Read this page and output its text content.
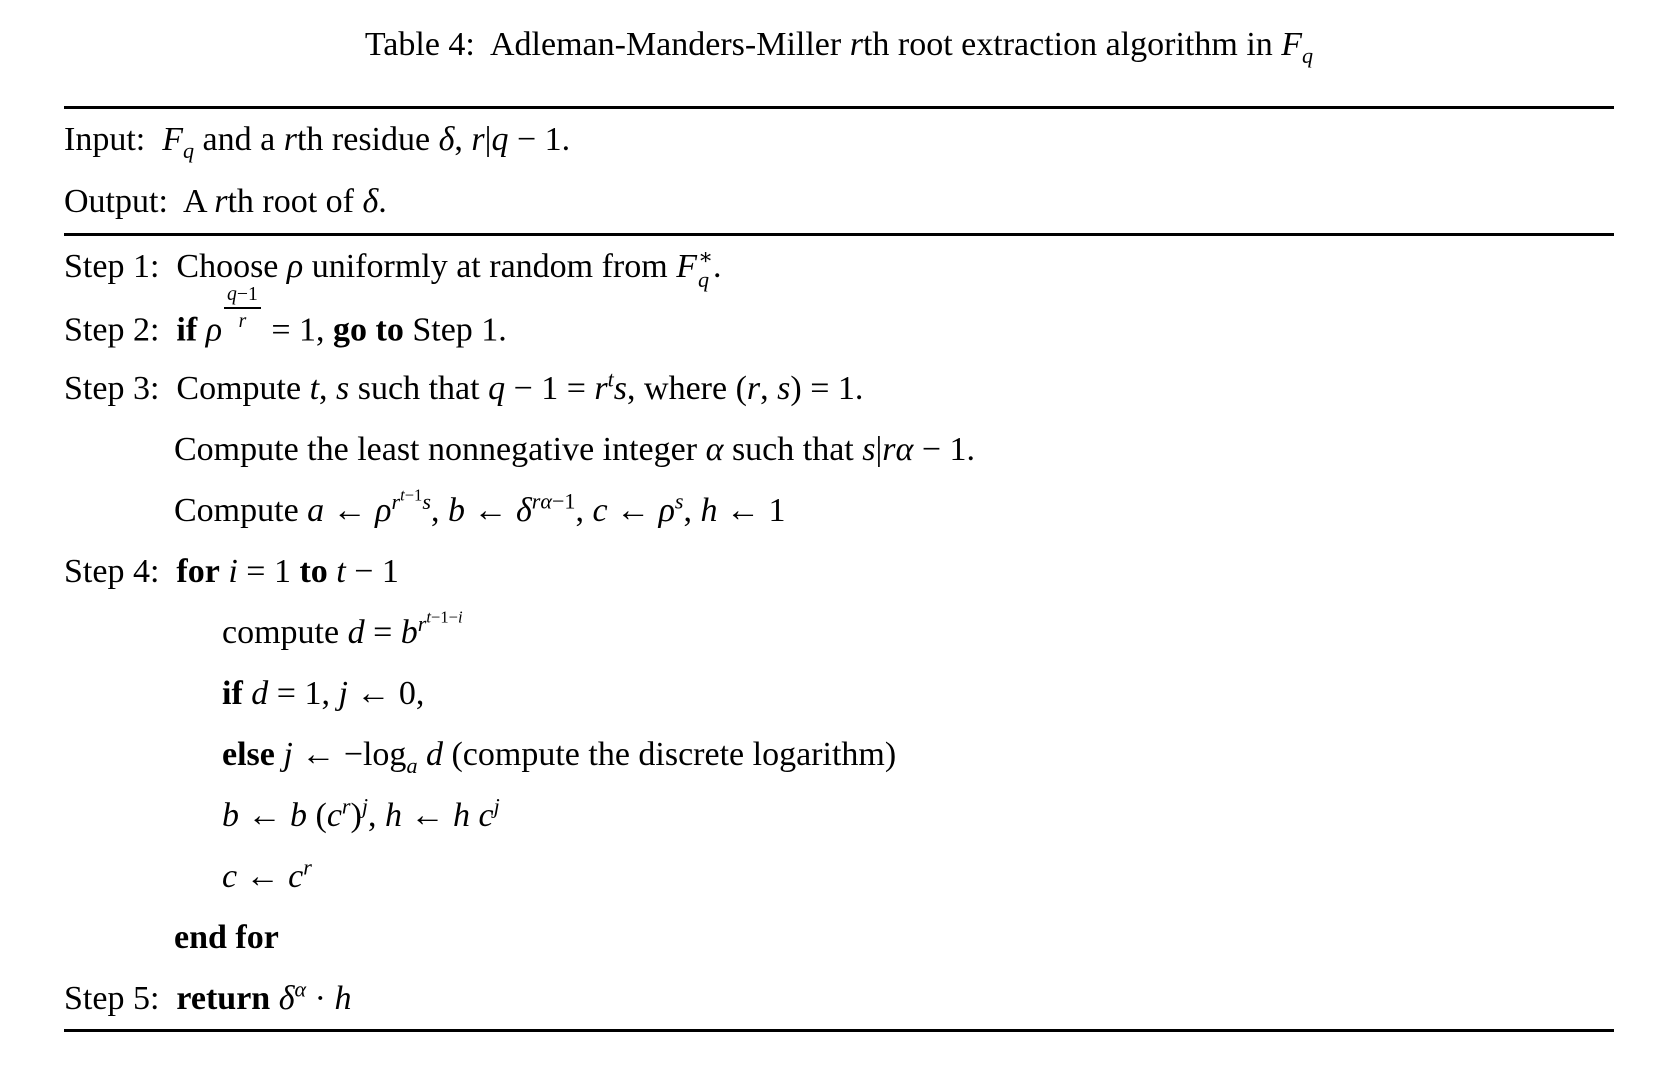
Table 4:  Adleman-Manders-Miller rth root extraction algorithm in $F_q$
Input:  $F_q$ and a rth residue δ, r|q − 1.
Output:  A rth root of δ.
Step 1:  Choose ρ uniformly at random from F ∗
q .
Step 2:  if ρ $\frac{q-1}{r} = 1$, go to Step 1.
Step 3:  Compute t, s such that $q - 1 = r^ts$, where (r, s) = 1.
Compute the least nonnegative integer α such that s|rα − 1.
Compute a ← $\rho^{r^{t-1}s}$, b ← $\delta^{r\alpha-1}$, c ← $\rho^s$, h ← 1
Step 4:  for i = 1 to t − 1
compute $d = b^{r^{t-1-i}}$
if d = 1, j ← 0,
else j ← $-\log_a$ d (compute the discrete logarithm)
b ← b $(c^r)^j$, h ← h $c^j$
c ← $c^r$
end for
Step 5:  return $\delta^\alpha \cdot h$
